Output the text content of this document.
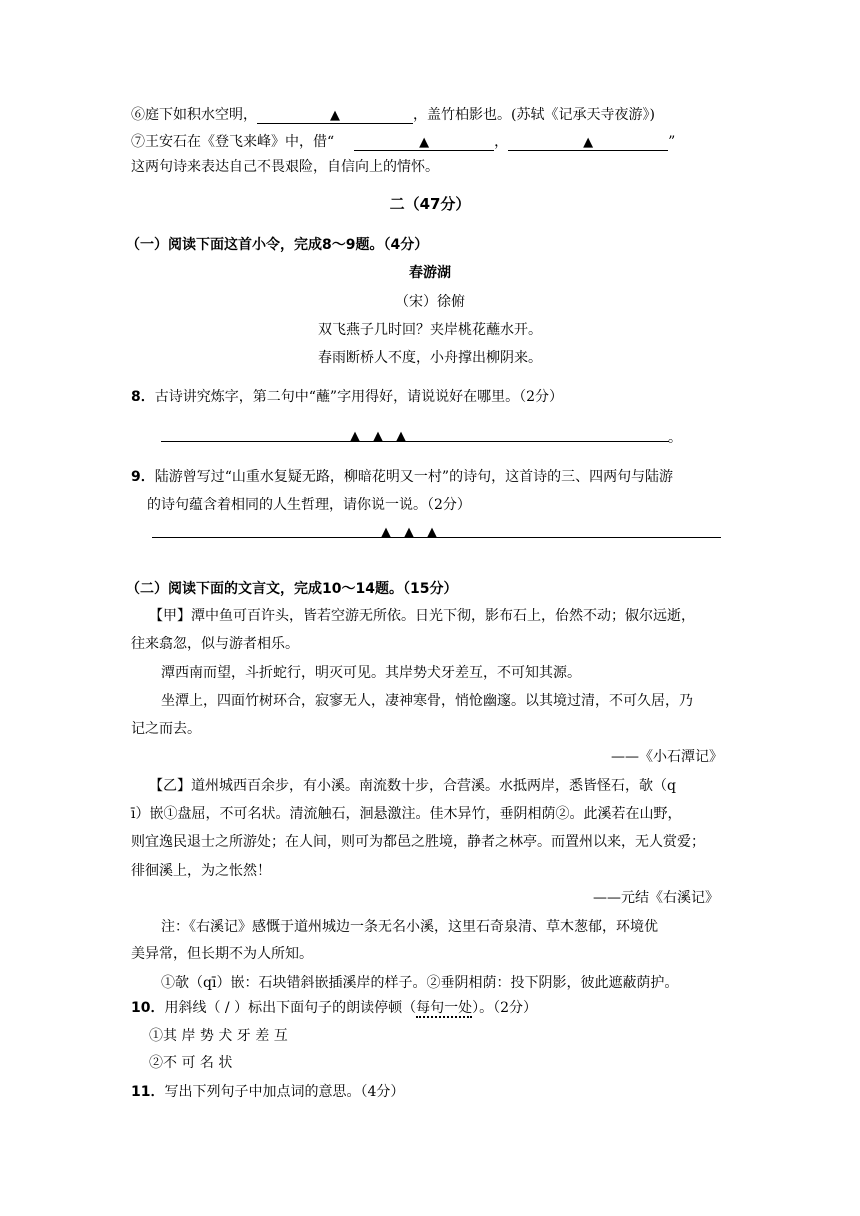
⑥庭下如积水空明，	▲	，盖竹柏影也。(苏轼《记承天寺夜游》)
⑦王安石在《登飞来峰》中，借“	▲	，	▲	”
这两句诗来表达自己不畏艰险，自信向上的情怀。
二（47分）
（一）阅读下面这首小令，完成8～9题。（4分）
春游湖
（宋）徐俯
双飞燕子几时回？夹岸桃花蘸水开。
春雨断桥人不度，小舟撑出柳阴来。
8．古诗讲究炼字，第二句中“蘸”字用得好，请说说好在哪里。（2分）
▲　▲　▲	。
9．陆游曾写过“山重水复疑无路，柳暗花明又一村”的诗句，这首诗的三、四两句与陆游
的诗句蕴含着相同的人生哲理，请你说一说。（2分）
▲　▲　▲
（二）阅读下面的文言文，完成10～14题。（15分）
【甲】潭中鱼可百许头，皆若空游无所依。日光下彻，影布石上，佁然不动；俶尔远逝，
往来翕忽，似与游者相乐。
潭西南而望，斗折蛇行，明灭可见。其岸势犬牙差互，不可知其源。
坐潭上，四面竹树环合，寂寥无人，凄神寒骨，悄怆幽邃。以其境过清，不可久居，乃
记之而去。
——《小石潭记》
【乙】道州城西百余步，有小溪。南流数十步，合营溪。水抵两岸，悉皆怪石，欹（q
ī）嵌①盘屈，不可名状。清流触石，洄悬激注。佳木异竹，垂阴相荫②。此溪若在山野，
则宜逸民退士之所游处；在人间，则可为都邑之胜境，静者之林亭。而置州以来，无人赏爱；
徘徊溪上，为之怅然！
——元结《右溪记》
注：《右溪记》感慨于道州城边一条无名小溪，这里石奇泉清、草木葱郁，环境优
美异常，但长期不为人所知。
①欹（qī）嵌：石块错斜嵌插溪岸的样子。②垂阴相荫：投下阴影，彼此遮蔽荫护。
10．用斜线（ / ）标出下面句子的朗读停顿（每句一处）。（2分）
①其 岸 势 犬 牙 差 互
②不 可 名 状
11．写出下列句子中加点词的意思。（4分）
